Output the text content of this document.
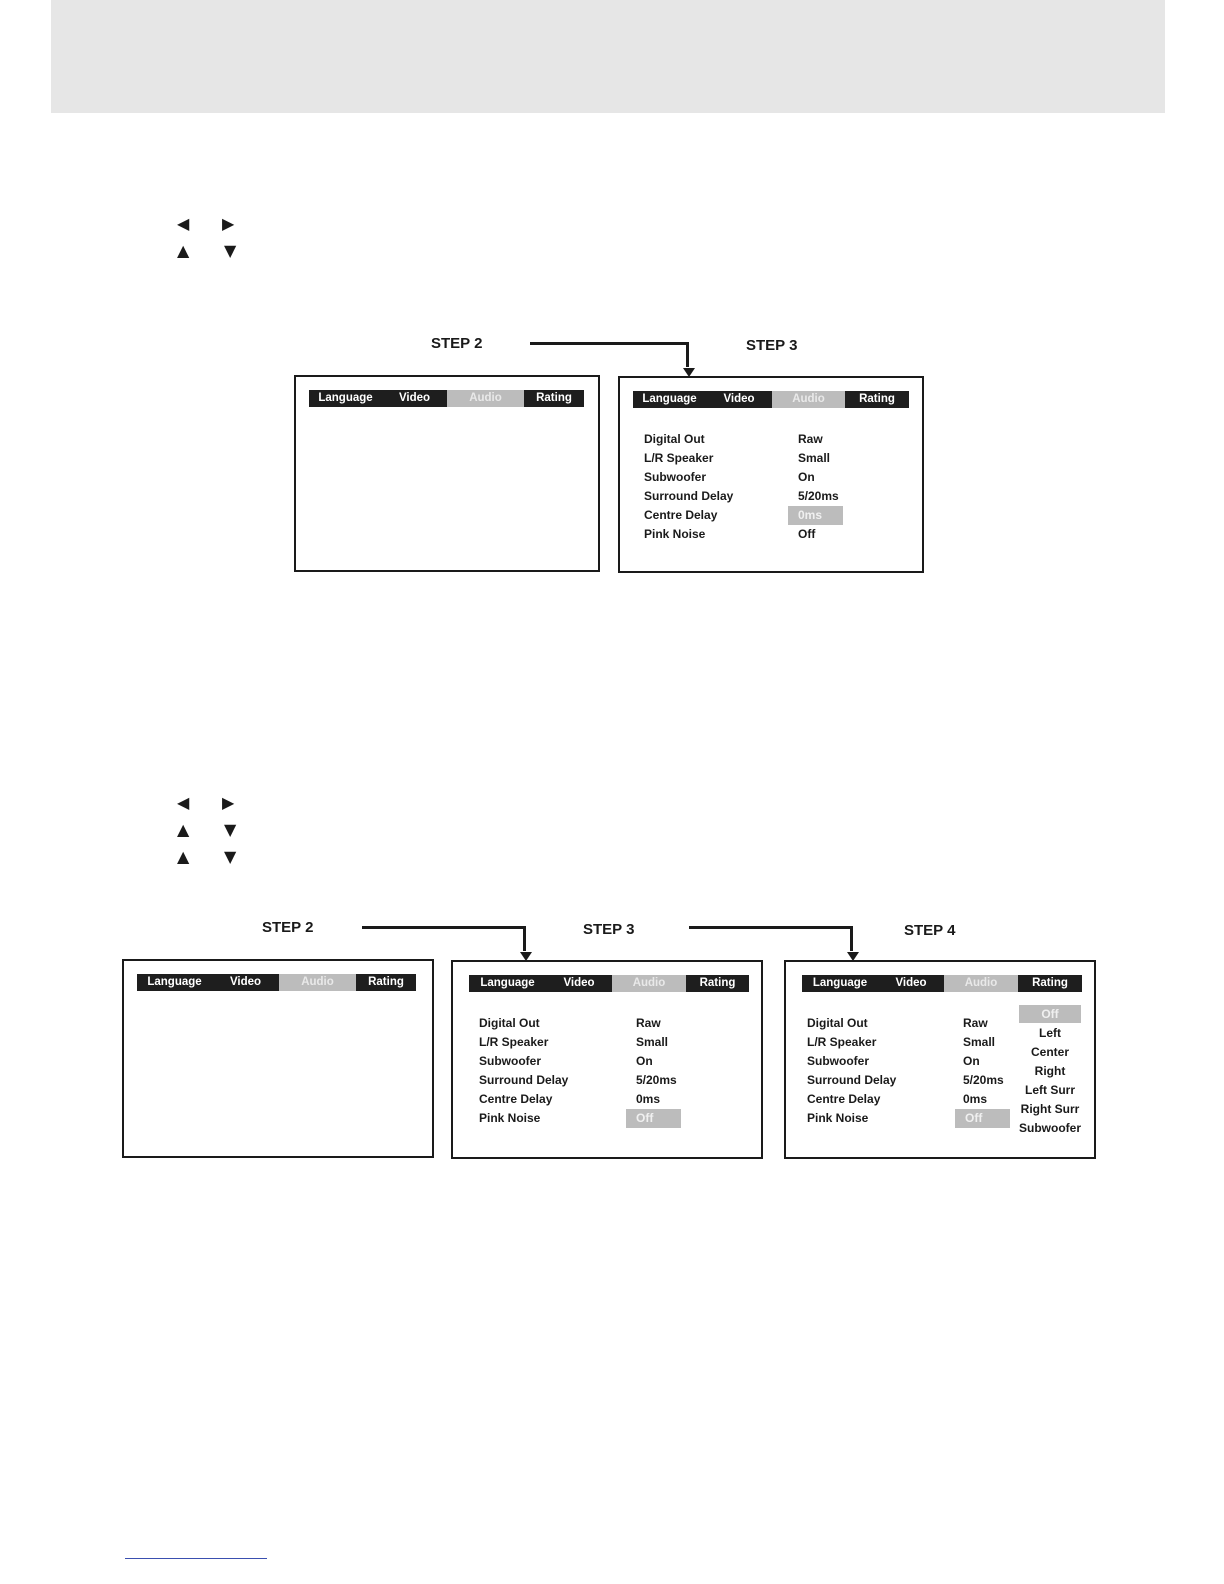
◀ ▶
▲ ▼
STEP 2	STEP 3
Language	Video	Audio	Rating	Language	Video	Audio	Rating
Digital Out	Raw
L/R Speaker	Small
Subwoofer	On
Surround Delay	5/20ms
Centre Delay	0ms
Pink Noise	Off
◀ ▶
▲ ▼
▲ ▼
STEP 2	STEP 3	STEP 4
Language	Video	Audio	Rating	Language	Video	Audio	Rating
Digital Out	Raw
L/R Speaker	Small
Subwoofer	On
Surround Delay	5/20ms
Centre Delay	0ms
Pink Noise	Off
Language	Video	Audio	Rating
Digital Out	Raw
L/R Speaker	Small
Subwoofer	On
Surround Delay	5/20ms
Centre Delay	0ms
Pink Noise	Off
Off
Left
Center
Right
Left Surr
Right Surr
Subwoofer
